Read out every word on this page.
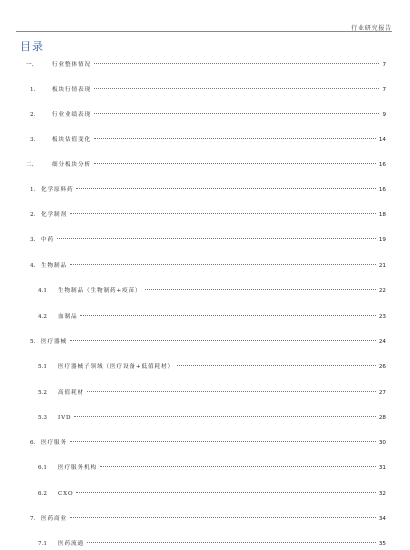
行业研究报告
目录
一、	行业整体情况	7
1.	板块行情表现	7
2.	行业业绩表现	9
3.	板块估值变化	14
二、	细分板块分析	16
1. 化学原料药	16
2. 化学制剂	18
3. 中药	19
4. 生物制品	21
4.1 生物制品（生物制药+疫苗）	22
4.2 血制品	23
5. 医疗器械	24
5.1 医疗器械子领域（医疗设备+低值耗材）	26
5.2 高值耗材	27
5.3 IVD	28
6. 医疗服务	30
6.1 医疗服务机构	31
6.2 CXO	32
7. 医药商业	34
7.1 医药流通	35
